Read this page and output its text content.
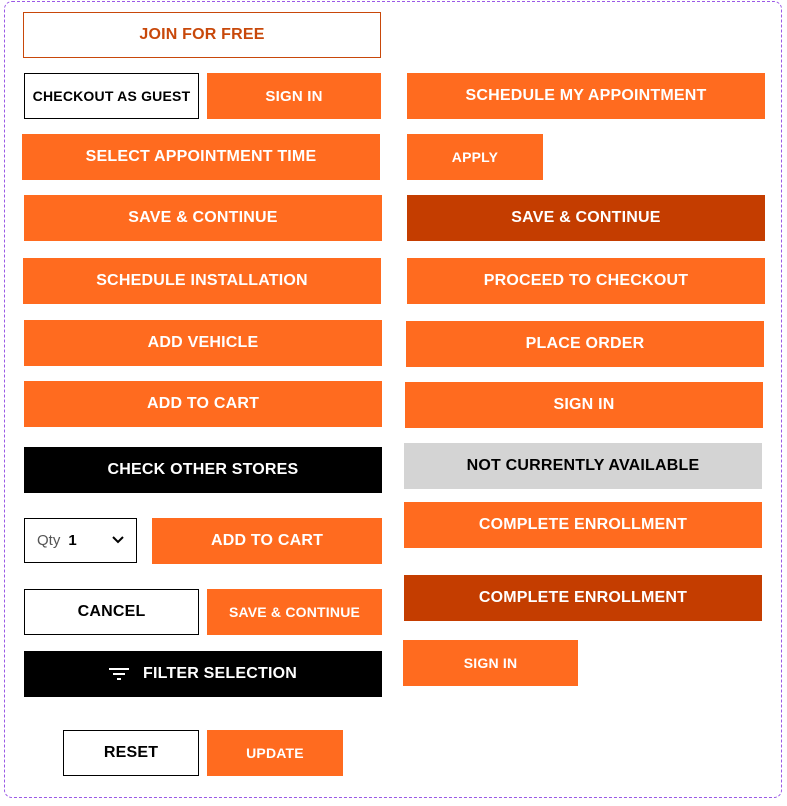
JOIN FOR FREE
CHECKOUT AS GUEST	SIGN IN
SELECT APPOINTMENT TIME
SAVE & CONTINUE
SCHEDULE INSTALLATION
ADD VEHICLE
ADD TO CART
CHECK OTHER STORES
Qty 1	ADD TO CART
CANCEL	SAVE & CONTINUE
FILTER SELECTION
RESET	UPDATE
SCHEDULE MY APPOINTMENT
APPLY
SAVE & CONTINUE
PROCEED TO CHECKOUT
PLACE ORDER
SIGN IN
NOT CURRENTLY AVAILABLE
COMPLETE ENROLLMENT
COMPLETE ENROLLMENT
SIGN IN
